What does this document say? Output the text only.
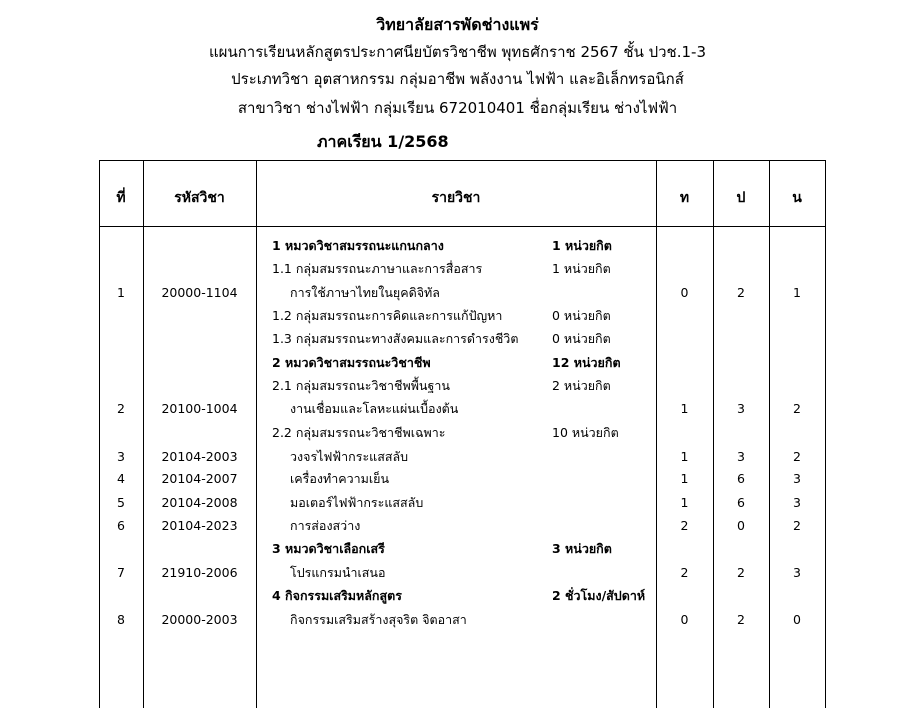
วิทยาลัยสารพัดช่างแพร่
แผนการเรียนหลักสูตรประกาศนียบัตรวิชาชีพ พุทธศักราช 2567 ชั้น ปวช.1-3
ประเภทวิชา อุตสาหกรรม กลุ่มอาชีพ พลังงาน ไฟฟ้า และอิเล็กทรอนิกส์
สาขาวิชา ช่างไฟฟ้า กลุ่มเรียน 672010401 ชื่อกลุ่มเรียน ช่างไฟฟ้า
ภาคเรียน 1/2568
ที่	รหัสวิชา	รายวิชา	ท	ป	น
1 หมวดวิชาสมรรถนะแกนกลาง	1 หน่วยกิต
1.1 กลุ่มสมรรถนะภาษาและการสื่อสาร	1 หน่วยกิต
1	20000-1104	การใช้ภาษาไทยในยุคดิจิทัล	0	2	1
1.2 กลุ่มสมรรถนะการคิดและการแก้ปัญหา	0 หน่วยกิต
1.3 กลุ่มสมรรถนะทางสังคมและการดำรงชีวิต	0 หน่วยกิต
2 หมวดวิชาสมรรถนะวิชาชีพ	12 หน่วยกิต
2.1 กลุ่มสมรรถนะวิชาชีพพื้นฐาน	2 หน่วยกิต
2	20100-1004	งานเชื่อมและโลหะแผ่นเบื้องต้น	1	3	2
2.2 กลุ่มสมรรถนะวิชาชีพเฉพาะ	10 หน่วยกิต
3	20104-2003	วงจรไฟฟ้ากระแสสลับ	1	3	2
4	20104-2007	เครื่องทำความเย็น	1	6	3
5	20104-2008	มอเตอร์ไฟฟ้ากระแสสลับ	1	6	3
6	20104-2023	การส่องสว่าง	2	0	2
3 หมวดวิชาเลือกเสรี	3 หน่วยกิต
7	21910-2006	โปรแกรมนำเสนอ	2	2	3
4 กิจกรรมเสริมหลักสูตร	2 ชั่วโมง/สัปดาห์
8	20000-2003	กิจกรรมเสริมสร้างสุจริต จิตอาสา	0	2	0
